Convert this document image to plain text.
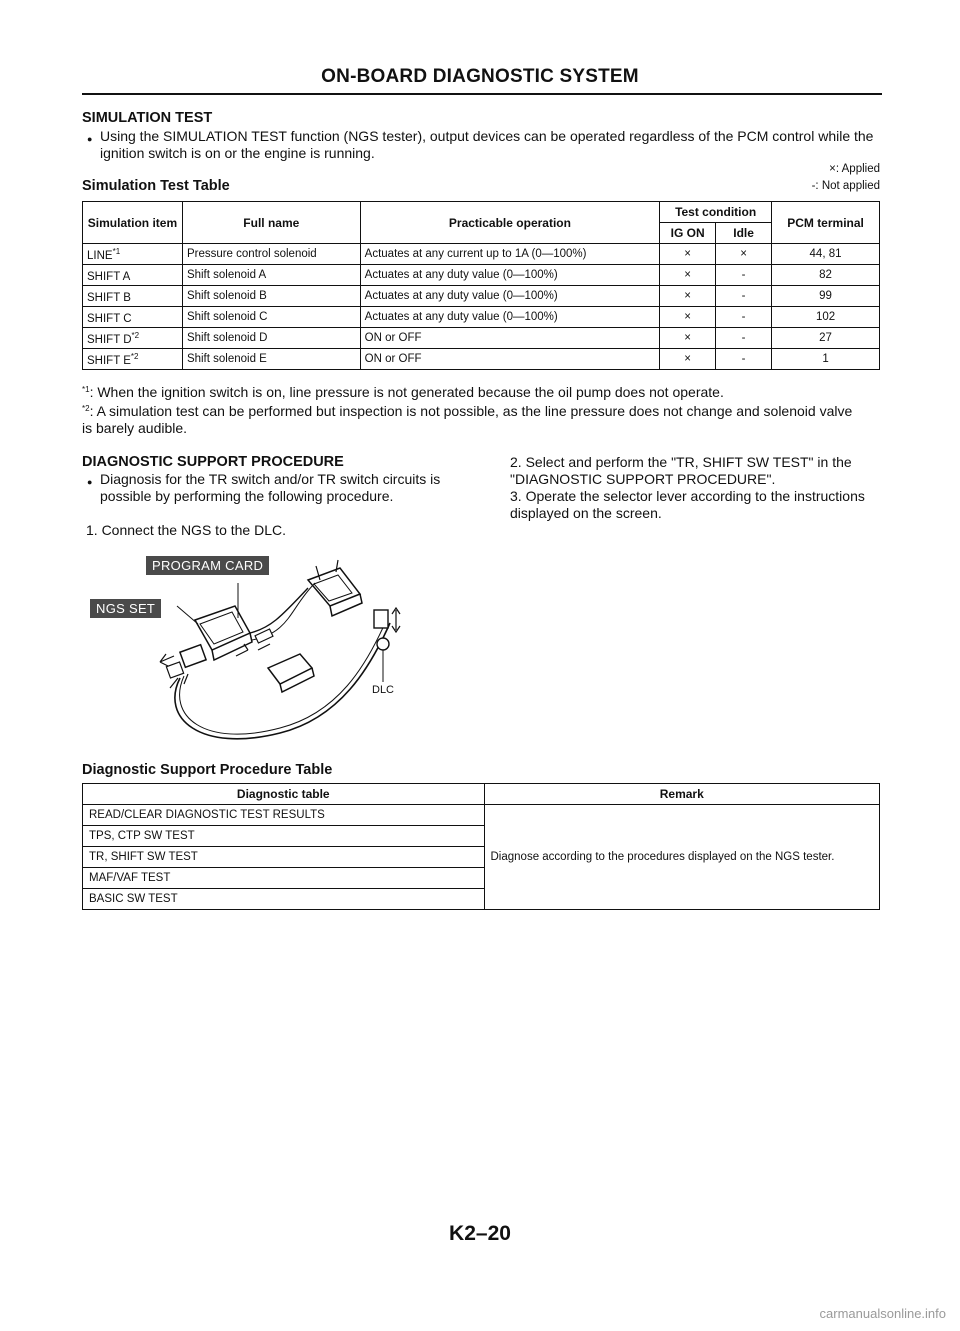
ON-BOARD DIAGNOSTIC SYSTEM
SIMULATION TEST
● Using the SIMULATION TEST function (NGS tester), output devices can be operated regardless of the PCM control while the ignition switch is on or the engine is running.
×: Applied
-: Not applied
Simulation Test Table
Simulation item	Full name	Practicable operation	Test condition		PCM terminal
			IG ON	Idle	
LINE$^{*1}$	Pressure control solenoid	Actuates at any current up to 1A (0—100%)	×	×	44, 81
SHIFT A	Shift solenoid A	Actuates at any duty value (0—100%)	×	-	82
SHIFT B	Shift solenoid B	Actuates at any duty value (0—100%)	×	-	99
SHIFT C	Shift solenoid C	Actuates at any duty value (0—100%)	×	-	102
SHIFT $D^{*2}$	Shift solenoid D	ON or OFF	×	-	27
SHIFT $E^{*2}$	Shift solenoid E	ON or OFF	×	-	1
$^{*1}$: When the ignition switch is on, line pressure is not generated because the oil pump does not operate.
$^{*2}$: A simulation test can be performed but inspection is not possible, as the line pressure does not change and solenoid valve is barely audible.
DIAGNOSTIC SUPPORT PROCEDURE
● Diagnosis for the TR switch and/or TR switch circuits is possible by performing the following procedure.
1. Connect the NGS to the DLC.
2. Select and perform the "TR, SHIFT SW TEST" in the "DIAGNOSTIC SUPPORT PROCEDURE".
3. Operate the selector lever according to the instructions displayed on the screen.
PROGRAM CARD
NGS SET
DLC
Diagnostic Support Procedure Table
Diagnostic table	Remark
READ/CLEAR DIAGNOSTIC TEST RESULTS	Diagnose according to the procedures displayed on the NGS tester.
TPS, CTP SW TEST	
TR, SHIFT SW TEST	
MAF/VAF TEST	
BASIC SW TEST	
K2–20
carmanualsonline.info
